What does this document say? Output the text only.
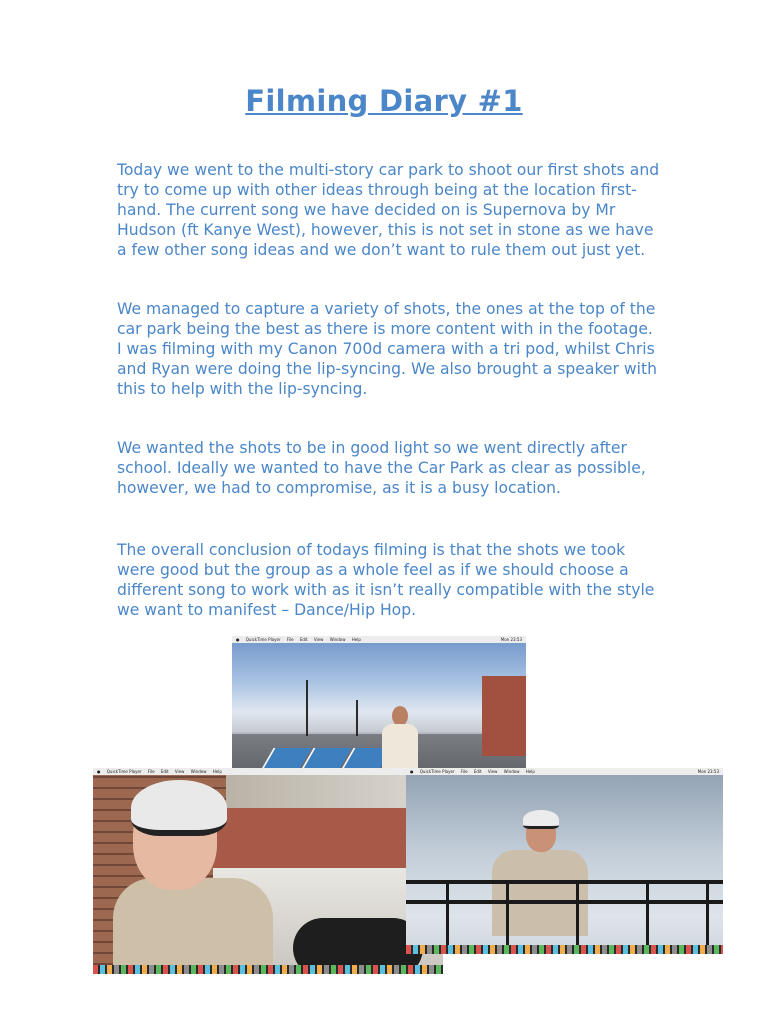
Filming Diary #1

Today we went to the multi-story car park to shoot our first shots and try to come up with other ideas through being at the location first-hand. The current song we have decided on is Supernova by Mr Hudson (ft Kanye West), however, this is not set in stone as we have a few other song ideas and we don’t want to rule them out just yet.

We managed to capture a variety of shots, the ones at the top of the car park being the best as there is more content with in the footage. I was filming with my Canon 700d camera with a tri pod, whilst Chris and Ryan were doing the lip-syncing. We also brought a speaker with this to help with the lip-syncing.

We wanted the shots to be in good light so we went directly after school. Ideally we wanted to have the Car Park as clear as possible, however, we had to compromise, as it is a busy location.

The overall conclusion of todays filming is that the shots we took were good but the group as a whole feel as if we should choose a different song to work with as it isn’t really compatible with the style we want to manifest – Dance/Hip Hop.

● QuickTime Player File Edit View Window Help	Mon 23:53
● QuickTime Player File Edit View Window Help	● QuickTime Player File Edit View Window Help	Mon 23:53
